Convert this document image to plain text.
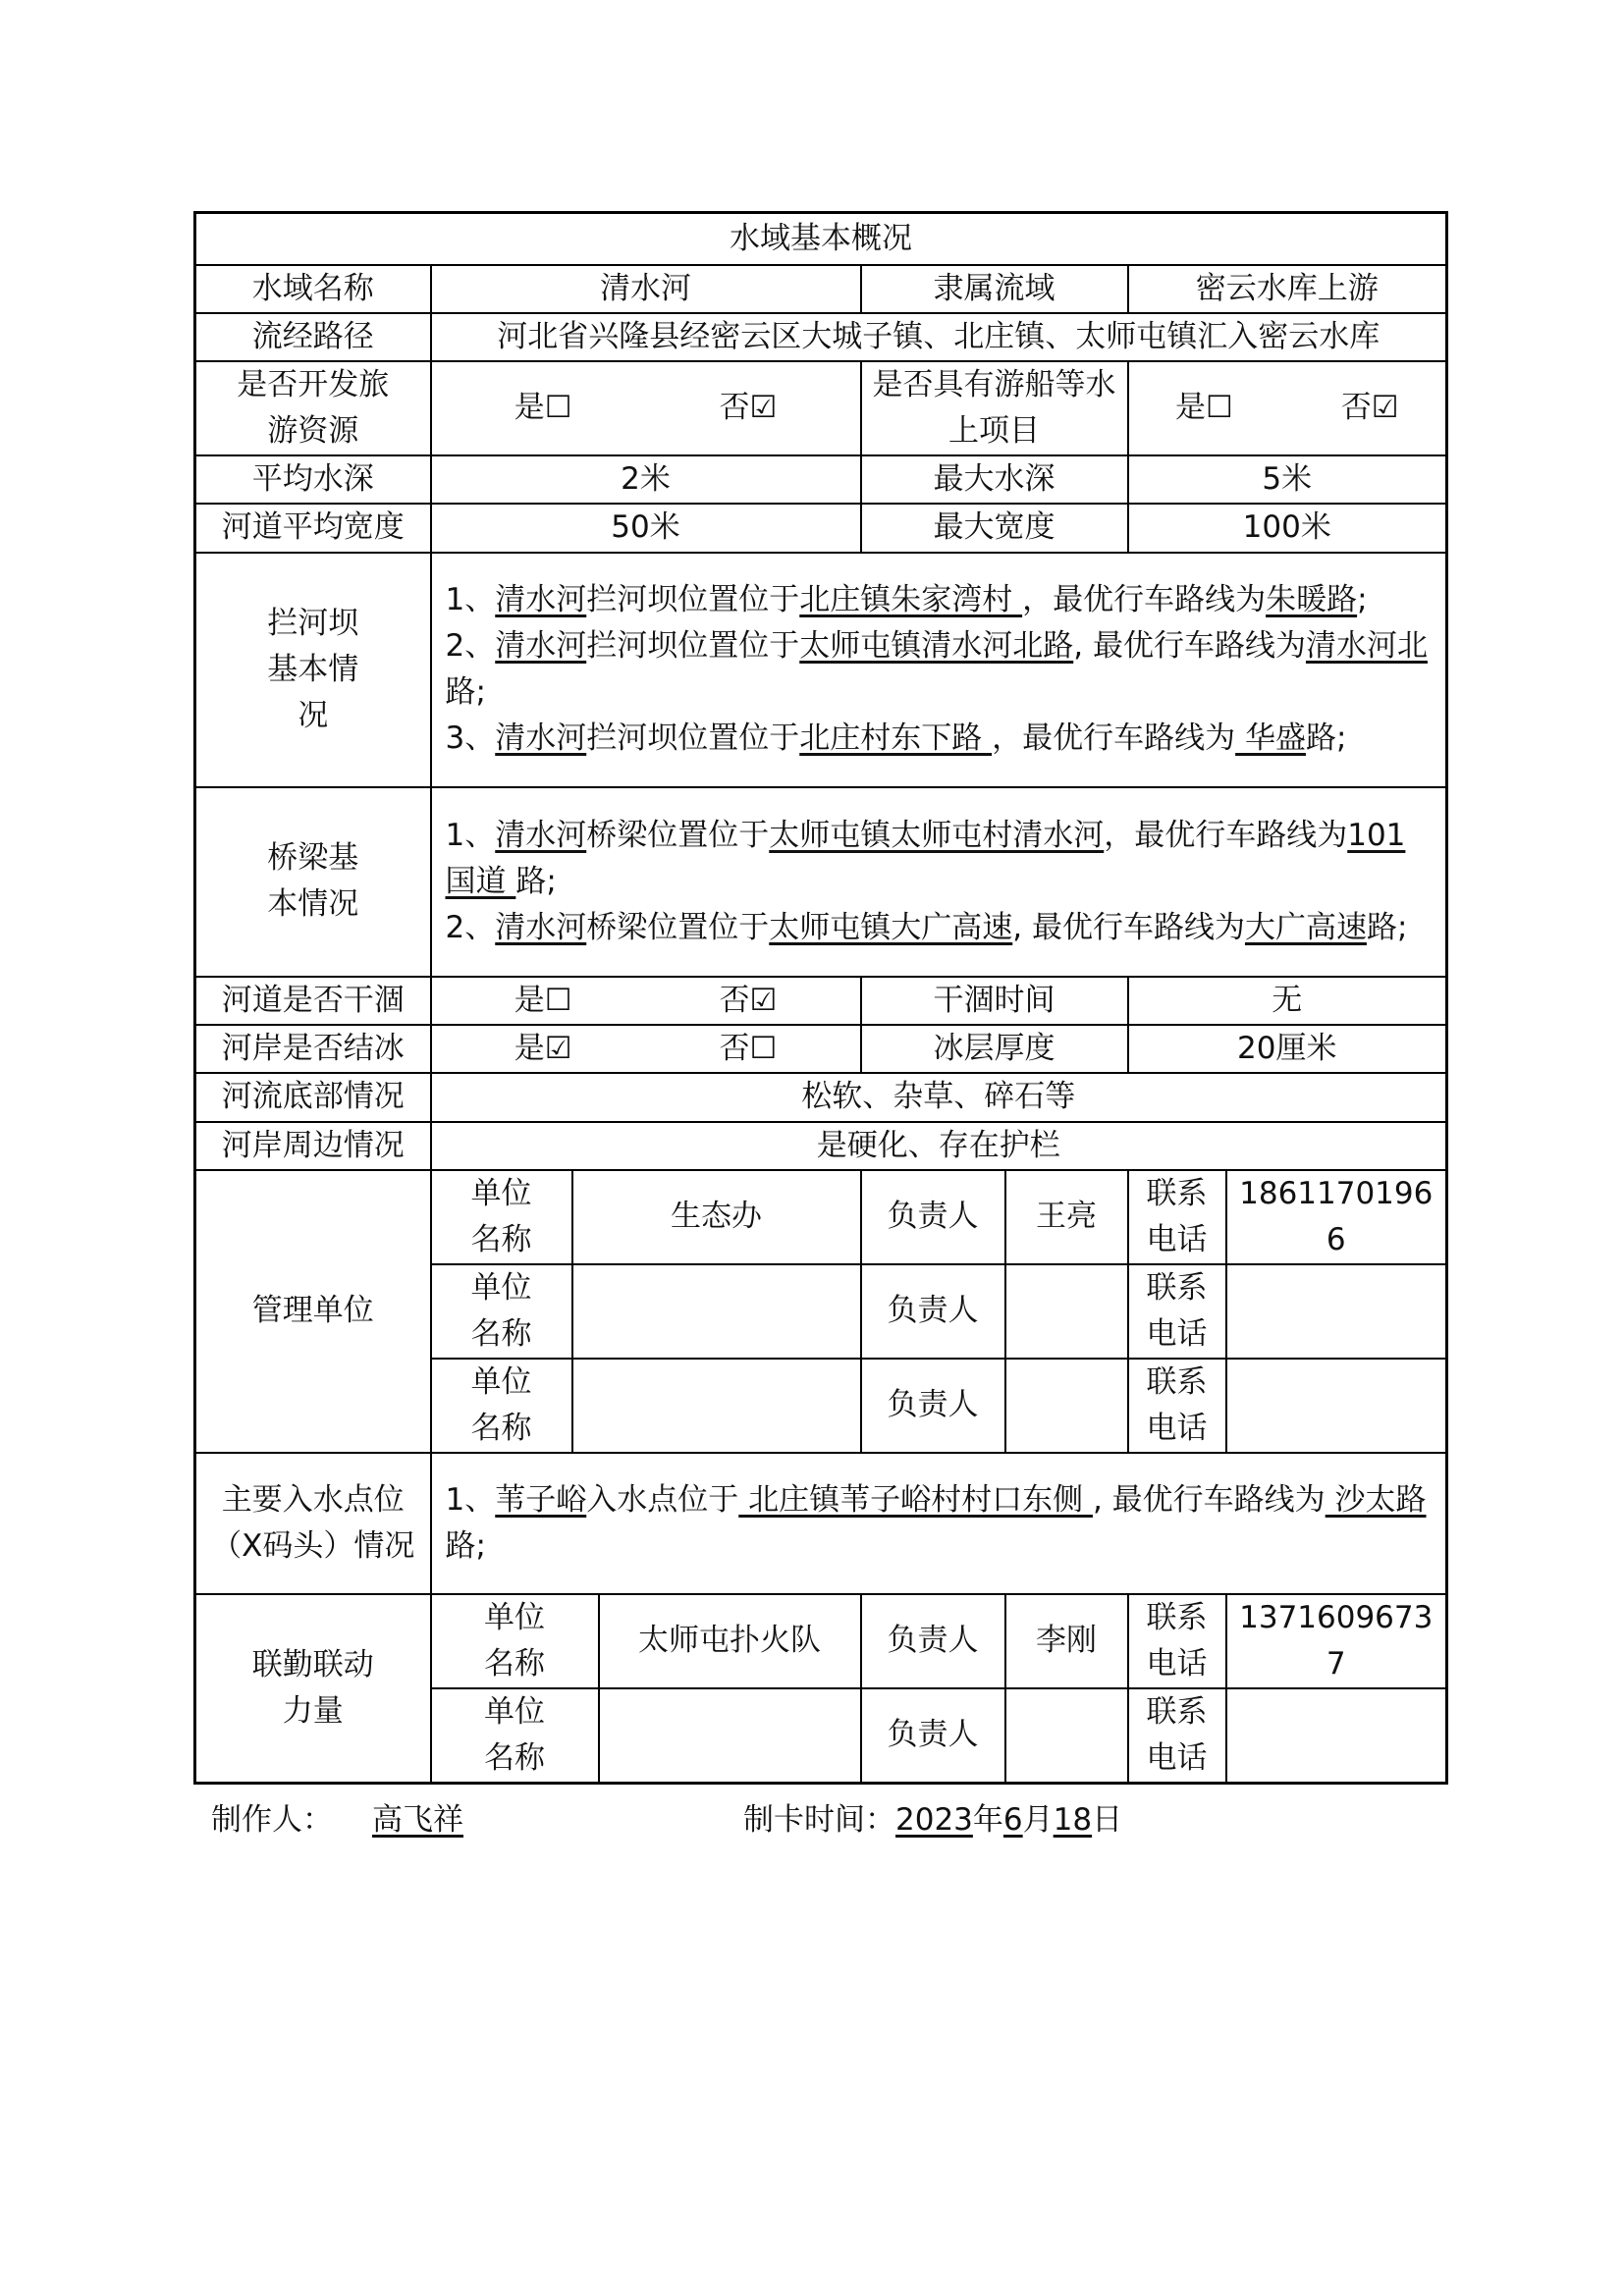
水域基本概况							
水域名称	清水河			隶属流域		密云水库上游	
流经路径	河北省兴隆县经密云区大城子镇、北庄镇、太师屯镇汇入密云水库						
是否开发旅游资源	是☐ 否☑			是否具有游船等水上项目		是☐ 否☑	
平均水深	2米			最大水深		5米	
河道平均宽度	50米			最大宽度		100米	
拦河坝基本情况	1、清水河拦河坝位置位于北庄镇朱家湾村 ，最优行车路线为朱暖路;
2、清水河拦河坝位置位于太师屯镇清水河北路, 最优行车路线为清水河北路;
3、清水河拦河坝位置位于北庄村东下路 ，最优行车路线为 华盛路;						

桥梁基本情况	1、清水河桥梁位置位于太师屯镇太师屯村清水河，最优行车路线为101国道 路;
2、清水河桥梁位置位于太师屯镇大广高速, 最优行车路线为大广高速路;						

河道是否干涸	是☐ 否☑			干涸时间		无	
河岸是否结冰	是☑ 否☐			冰层厚度		20厘米	
河流底部情况	松软、杂草、碎石等						
河岸周边情况	是硬化、存在护栏						
管理单位	单位名称	生态办		负责人	王亮	联系电话	18611701966
	单位名称			负责人		联系电话	
	单位名称			负责人		联系电话	
主要入水点位（X码头）情况	1、苇子峪入水点位于 北庄镇苇子峪村村口东侧 , 最优行车路线为 沙太路 路;						

联勤联动力量	单位名称		太师屯扑火队	负责人	李刚	联系电话	13716096737
	单位名称			负责人		联系电话	
制作人： 高飞祥	制卡时间：2023年6月18日
